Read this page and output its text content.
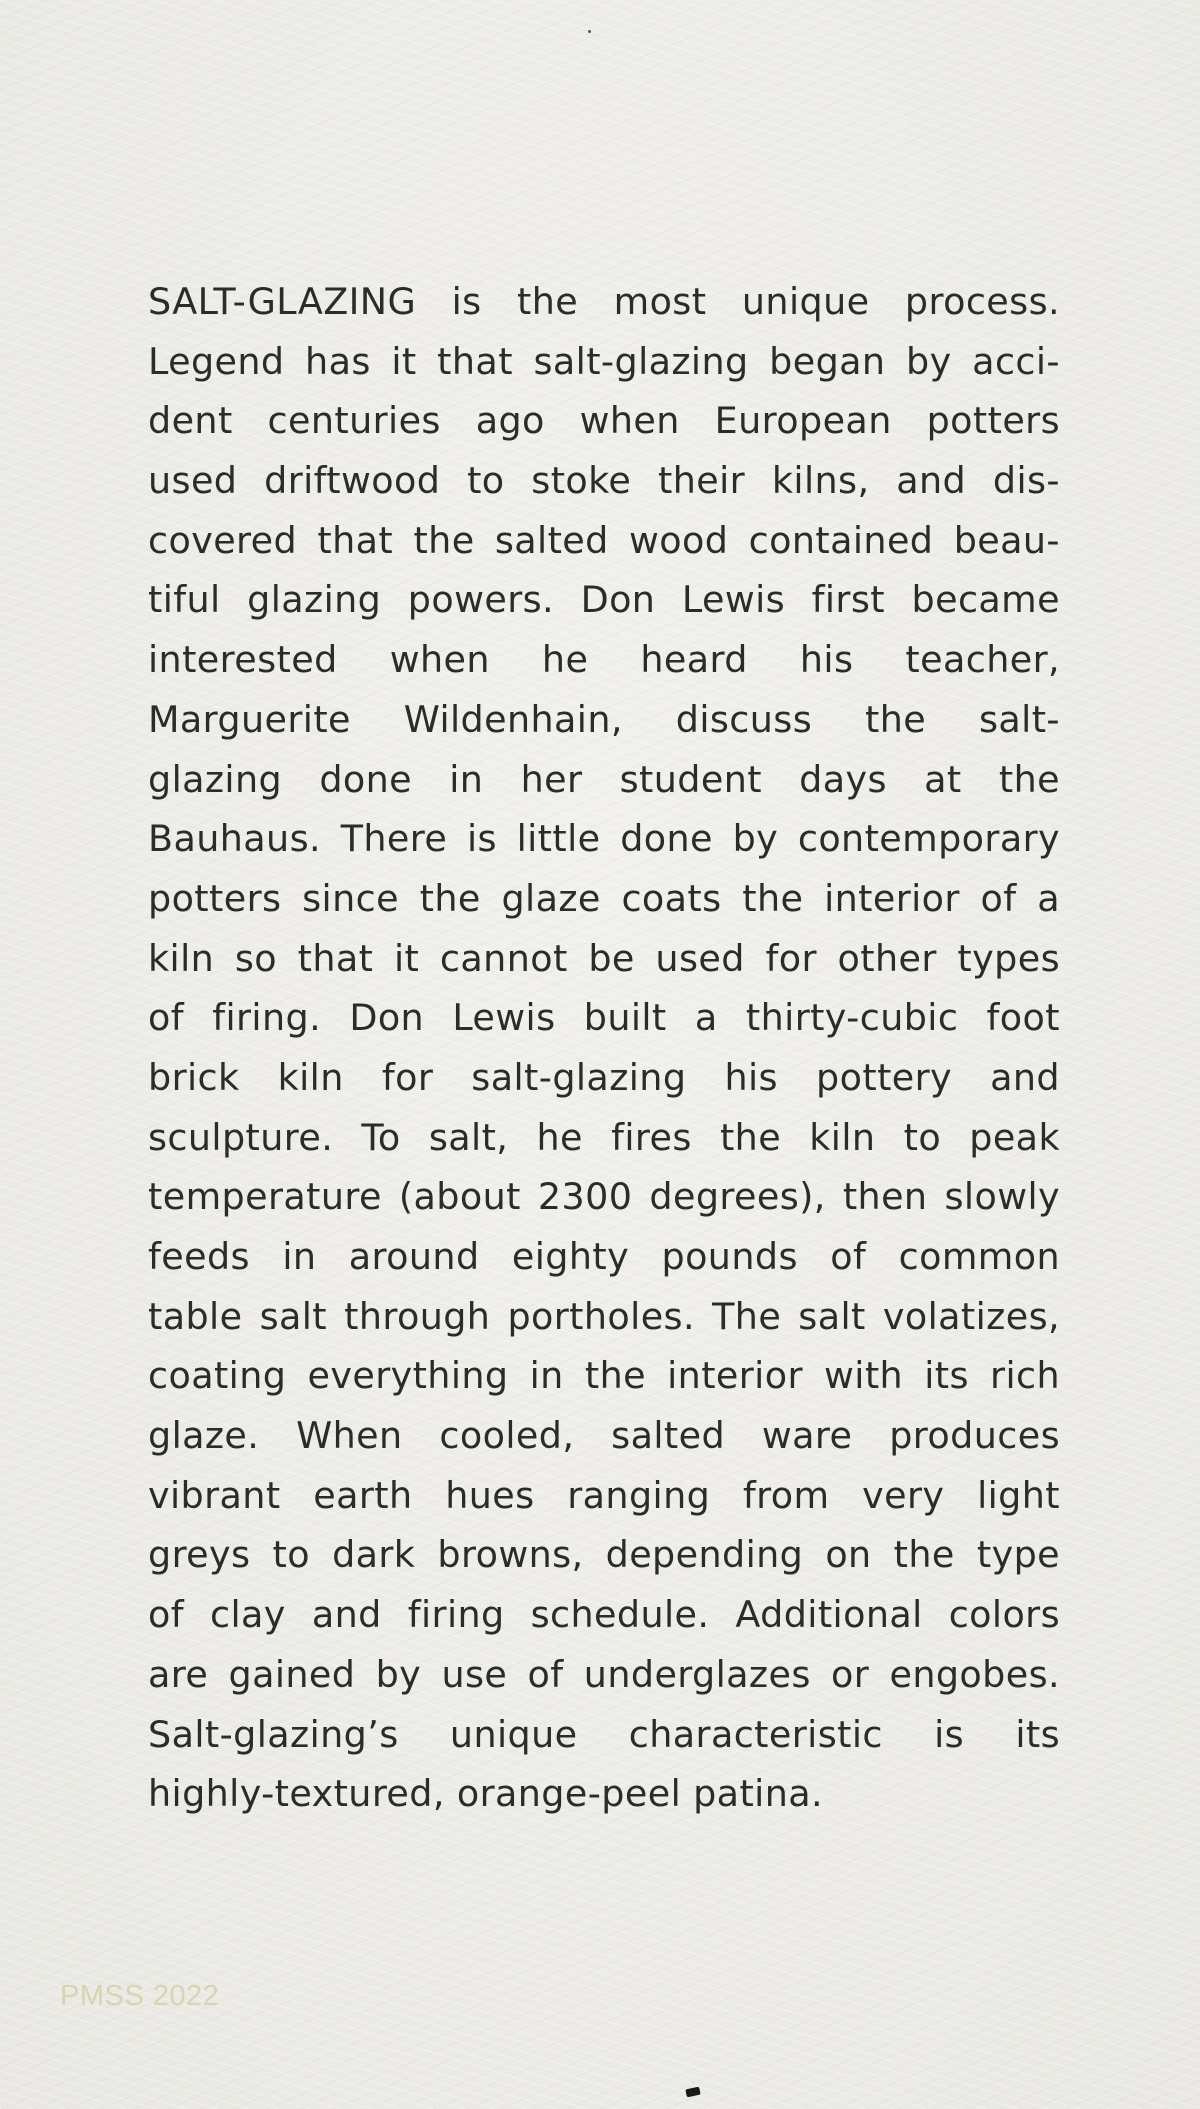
SALT-GLAZING is the most unique process.
Legend has it that salt-glazing began by acci-
dent centuries ago when European potters
used driftwood to stoke their kilns, and dis-
covered that the salted wood contained beau-
tiful glazing powers. Don Lewis first became
interested when he heard his teacher,
Marguerite Wildenhain, discuss the salt-
glazing done in her student days at the
Bauhaus. There is little done by contemporary
potters since the glaze coats the interior of a
kiln so that it cannot be used for other types
of firing. Don Lewis built a thirty-cubic foot
brick kiln for salt-glazing his pottery and
sculpture. To salt, he fires the kiln to peak
temperature (about 2300 degrees), then slowly
feeds in around eighty pounds of common
table salt through portholes. The salt volatizes,
coating everything in the interior with its rich
glaze. When cooled, salted ware produces
vibrant earth hues ranging from very light
greys to dark browns, depending on the type
of clay and firing schedule. Additional colors
are gained by use of underglazes or engobes.
Salt-glazing’s unique characteristic is its
highly-textured, orange-peel patina.
PMSS 2022
